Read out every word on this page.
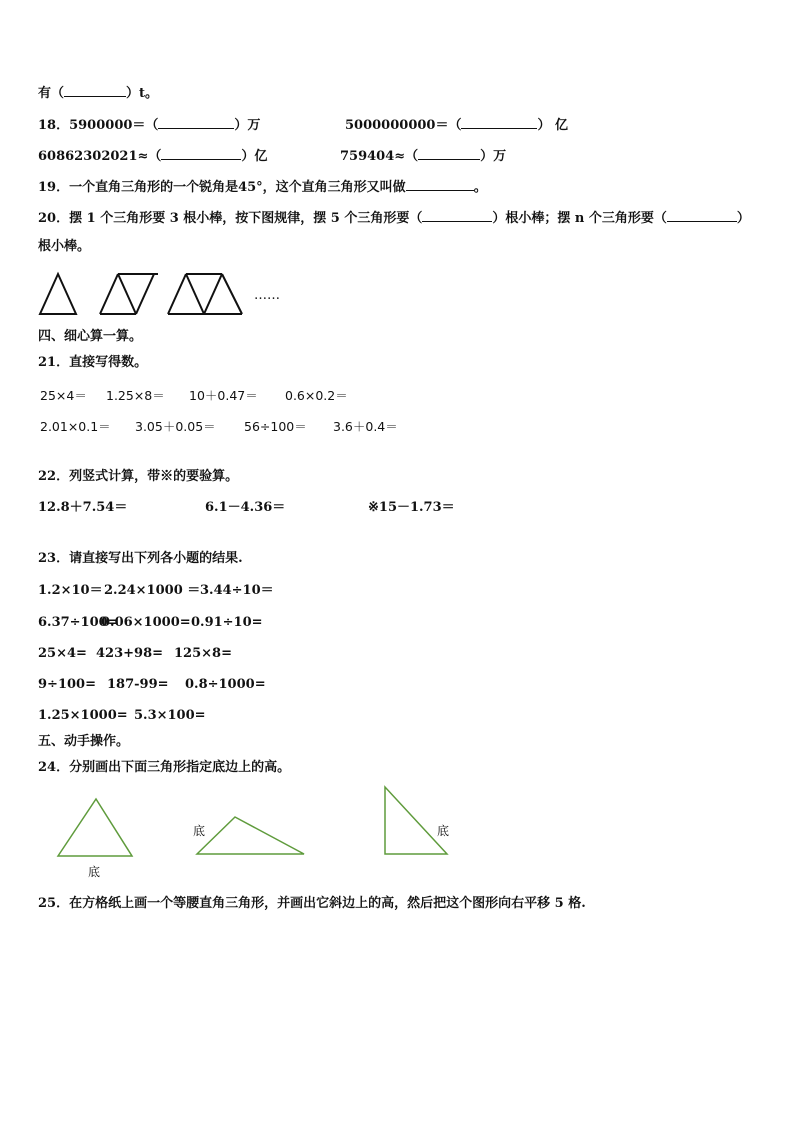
有（	）t。
18．5900000＝（	）万	5000000000＝（	） 亿
60862302021≈（	）亿	759404≈（	）万
19．一个直角三角形的一个锐角是45°，这个直角三角形又叫做	。
20．摆 1 个三角形要 3 根小棒，按下图规律，摆 5 个三角形要（	）根小棒；摆 n 个三角形要（	）
根小棒。
……
四、细心算一算。
21．直接写得数。
25×4＝ 1.25×8＝ 10＋0.47＝ 0.6×0.2＝
2.01×0.1＝ 3.05＋0.05＝ 56÷100＝ 3.6＋0.4＝
22．列竖式计算，带※的要验算。
12.8＋7.54＝	6.1－4.36＝	※15－1.73＝
23．请直接写出下列各小题的结果.
1.2×10＝ 2.24×1000 ＝ 3.44÷10＝
6.37÷100=
0.06×1000= 0.91÷10=
25×4= 423+98= 125×8=
9÷100= 187-99= 0.8÷1000=
1.25×1000= 5.3×100=
五、动手操作。
24．分别画出下面三角形指定底边上的高。
底
底	底
25．在方格纸上画一个等腰直角三角形，并画出它斜边上的高，然后把这个图形向右平移 5 格.
